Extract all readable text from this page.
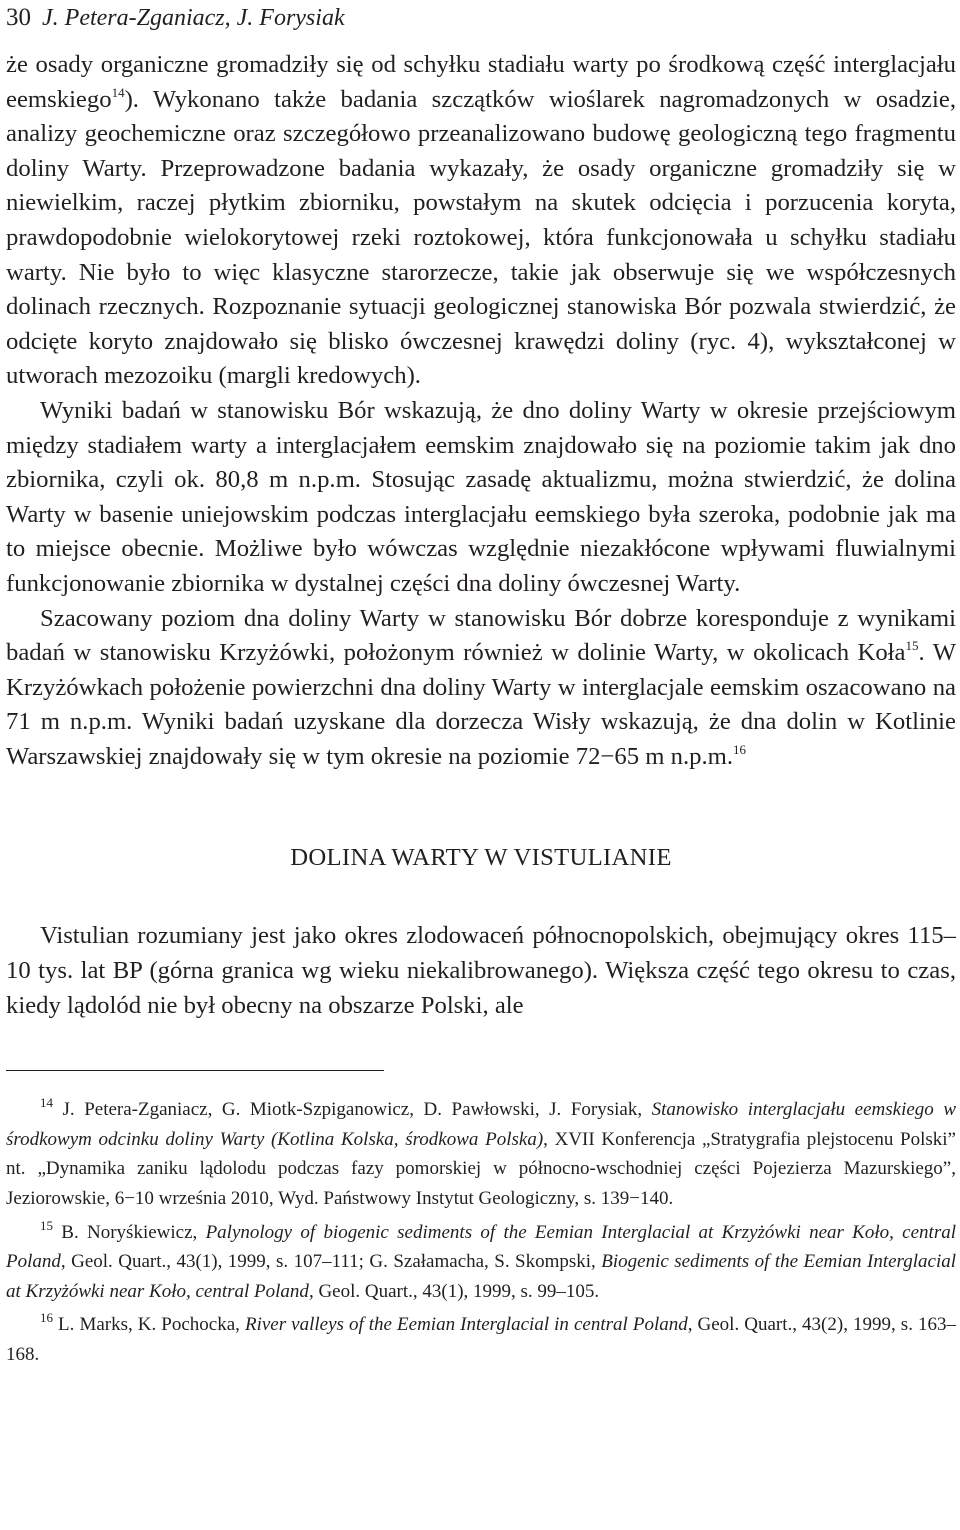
30 J. Petera-Zganiacz, J. Forysiak

że osady organiczne gromadziły się od schyłku stadiału warty po środkową część interglacjału eemskiego$^{14}$). Wykonano także badania szczątków wioślarek nagromadzonych w osadzie, analizy geochemiczne oraz szczegółowo przeanalizowano budowę geologiczną tego fragmentu doliny Warty. Przeprowadzone badania wykazały, że osady organiczne gromadziły się w niewielkim, raczej płytkim zbiorniku, powstałym na skutek odcięcia i porzucenia koryta, prawdopodobnie wielokorytowej rzeki roztokowej, która funkcjonowała u schyłku stadiału warty. Nie było to więc klasyczne starorzecze, takie jak obserwuje się we współczesnych dolinach rzecznych. Rozpoznanie sytuacji geologicznej stanowiska Bór pozwala stwierdzić, że odcięte koryto znajdowało się blisko ówczesnej krawędzi doliny (ryc. 4), wykształconej w utworach mezozoiku (margli kredowych).

Wyniki badań w stanowisku Bór wskazują, że dno doliny Warty w okresie przejściowym między stadiałem warty a interglacjałem eemskim znajdowało się na poziomie takim jak dno zbiornika, czyli ok. 80,8 m n.p.m. Stosując zasadę aktualizmu, można stwierdzić, że dolina Warty w basenie uniejowskim podczas interglacjału eemskiego była szeroka, podobnie jak ma to miejsce obecnie. Możliwe było wówczas względnie niezakłócone wpływami fluwialnymi funkcjonowanie zbiornika w dystalnej części dna doliny ówczesnej Warty.

Szacowany poziom dna doliny Warty w stanowisku Bór dobrze koresponduje z wynikami badań w stanowisku Krzyżówki, położonym również w dolinie Warty, w okolicach Koła$^{15}$. W Krzyżówkach położenie powierzchni dna doliny Warty w interglacjale eemskim oszacowano na 71 m n.p.m. Wyniki badań uzyskane dla dorzecza Wisły wskazują, że dna dolin w Kotlinie Warszawskiej znajdowały się w tym okresie na poziomie 72−65 m n.p.m.$^{16}$

DOLINA WARTY W VISTULIANIE

Vistulian rozumiany jest jako okres zlodowaceń północnopolskich, obejmujący okres 115–10 tys. lat BP (górna granica wg wieku niekalibrowanego). Większa część tego okresu to czas, kiedy lądolód nie był obecny na obszarze Polski, ale

$^{14}$ J. Petera-Zganiacz, G. Miotk-Szpiganowicz, D. Pawłowski, J. Forysiak, Stanowisko interglacjału eemskiego w środkowym odcinku doliny Warty (Kotlina Kolska, środkowa Polska), XVII Konferencja „Stratygrafia plejstocenu Polski” nt. „Dynamika zaniku lądolodu podczas fazy pomorskiej w północno-wschodniej części Pojezierza Mazurskiego”, Jeziorowskie, 6−10 września 2010, Wyd. Państwowy Instytut Geologiczny, s. 139−140.

$^{15}$ B. Noryśkiewicz, Palynology of biogenic sediments of the Eemian Interglacial at Krzyżówki near Koło, central Poland, Geol. Quart., 43(1), 1999, s. 107–111; G. Szałamacha, S. Skompski, Biogenic sediments of the Eemian Interglacial at Krzyżówki near Koło, central Poland, Geol. Quart., 43(1), 1999, s. 99–105.

$^{16}$ L. Marks, K. Pochocka, River valleys of the Eemian Interglacial in central Poland, Geol. Quart., 43(2), 1999, s. 163–168.
